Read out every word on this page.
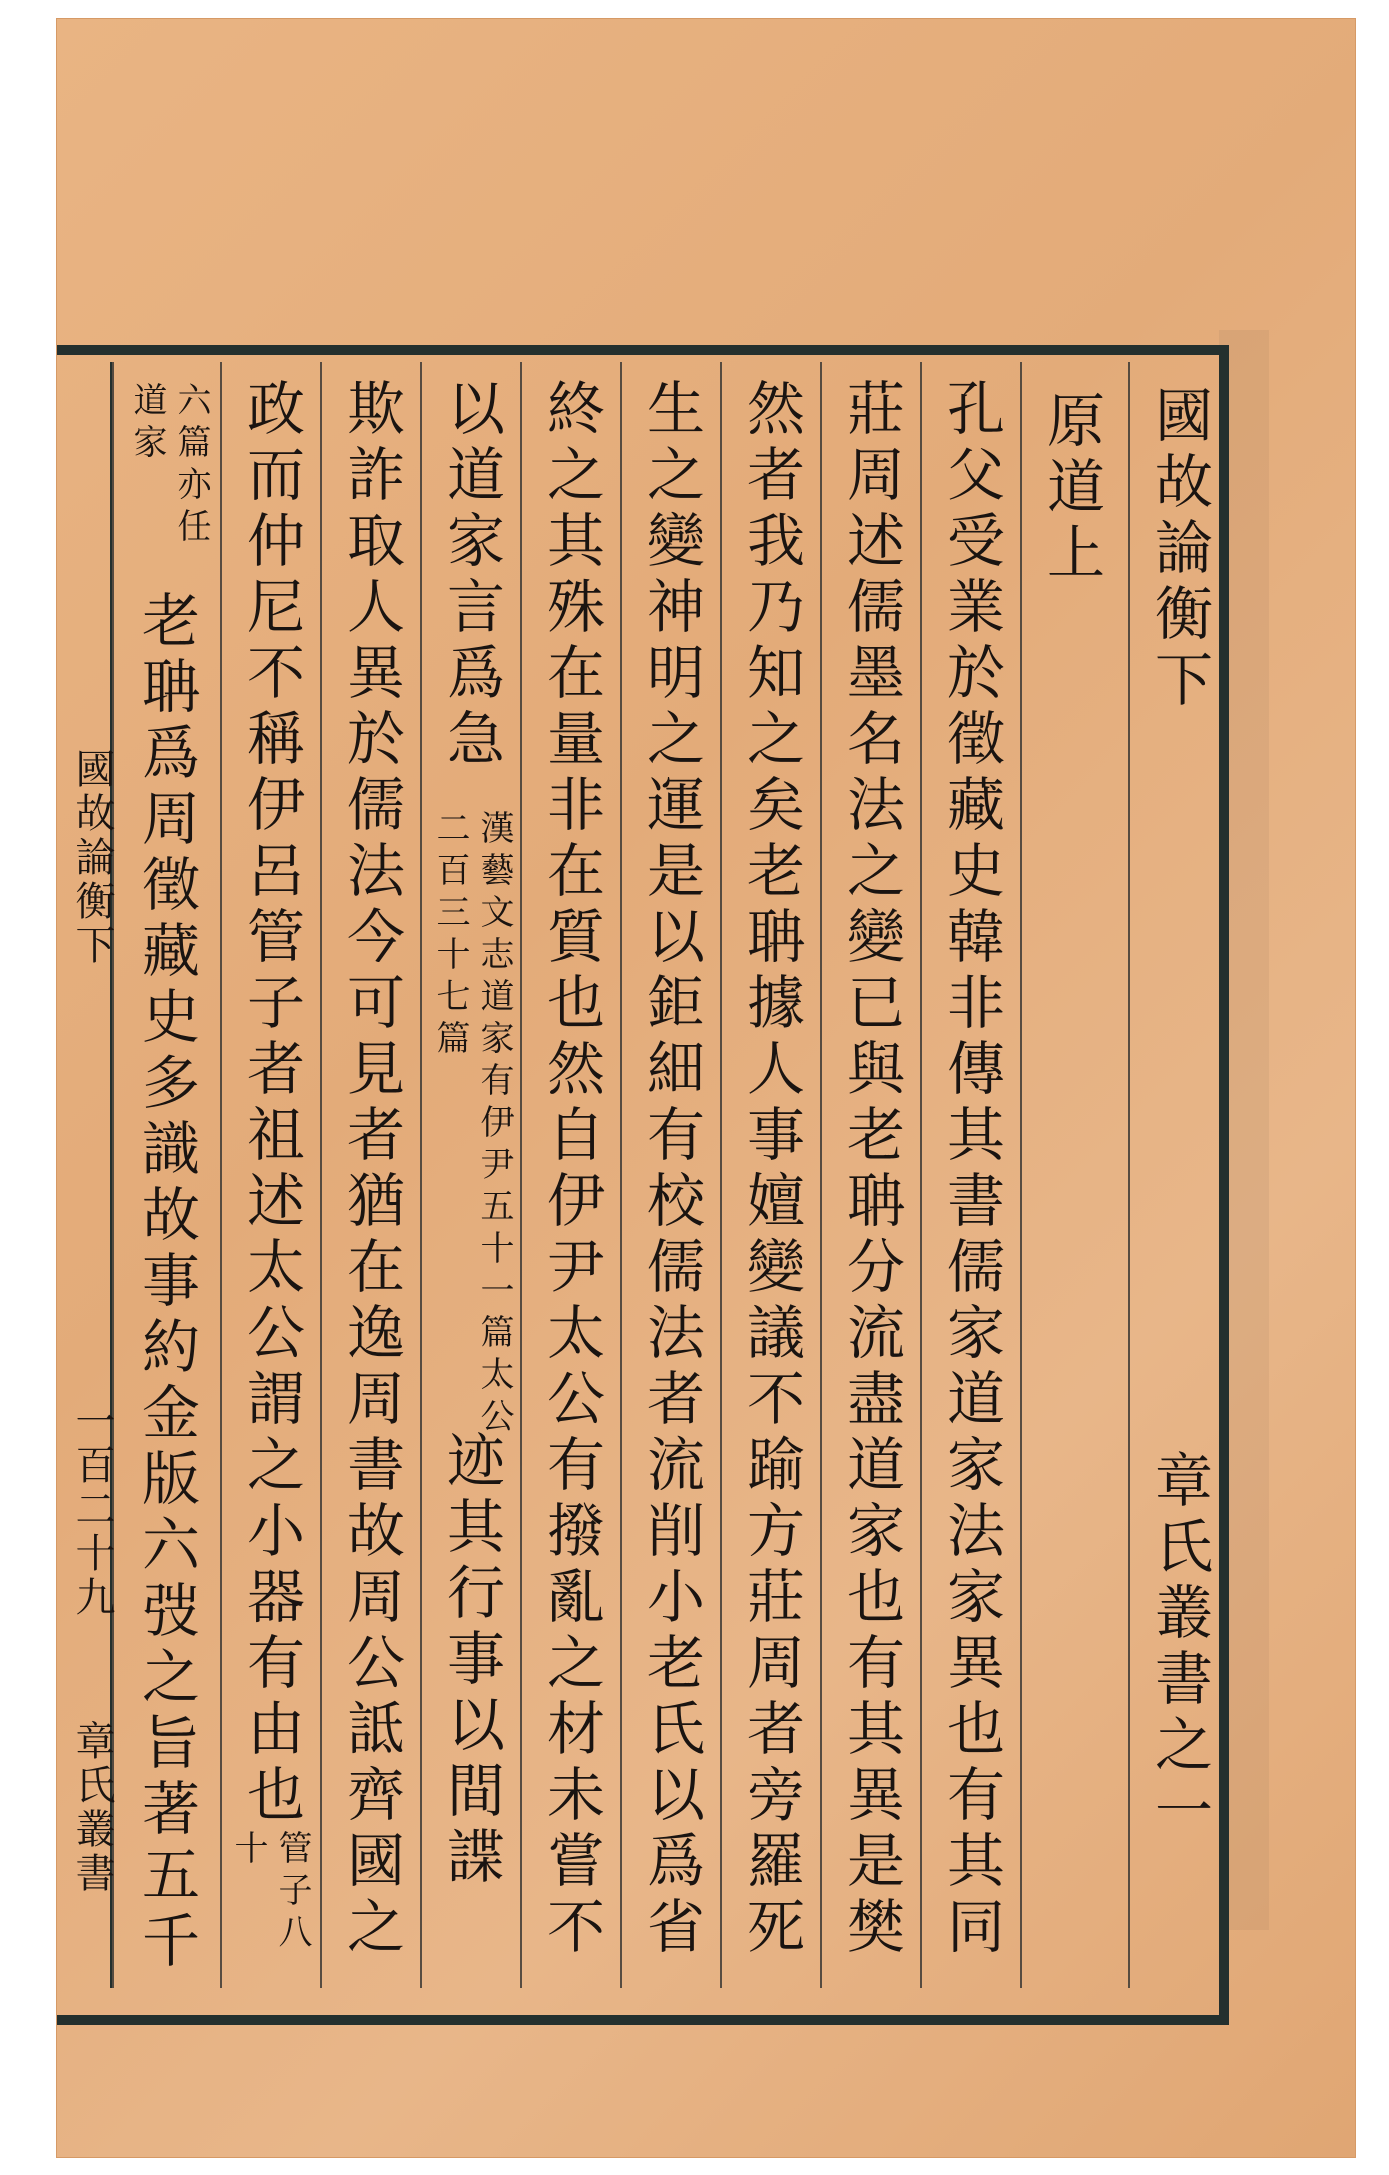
國故論衡下
章氏叢書之一
原道上
孔父受業於徵藏史韓非傳其書儒家道家法家異也有其同
莊周述儒墨名法之變已與老聃分流盡道家也有其異是樊
然者我乃知之矣老聃據人事嬗變議不踰方莊周者旁羅死
生之變神明之運是以鉅細有校儒法者流削小老氏以爲省
終之其殊在量非在質也然自伊尹太公有撥亂之材未嘗不
以道家言爲急
漢藝文志道家有伊尹五十一篇太公二百三十七篇
迹其行事以間諜
欺詐取人異於儒法今可見者猶在逸周書故周公詆齊國之
政而仲尼不稱伊呂管子者祖述太公謂之小器有由也
管子八十
六篇亦任道家
老聃爲周徵藏史多識故事約金版六弢之旨著五千
國故論衡下
一百二十九
章氏叢書
